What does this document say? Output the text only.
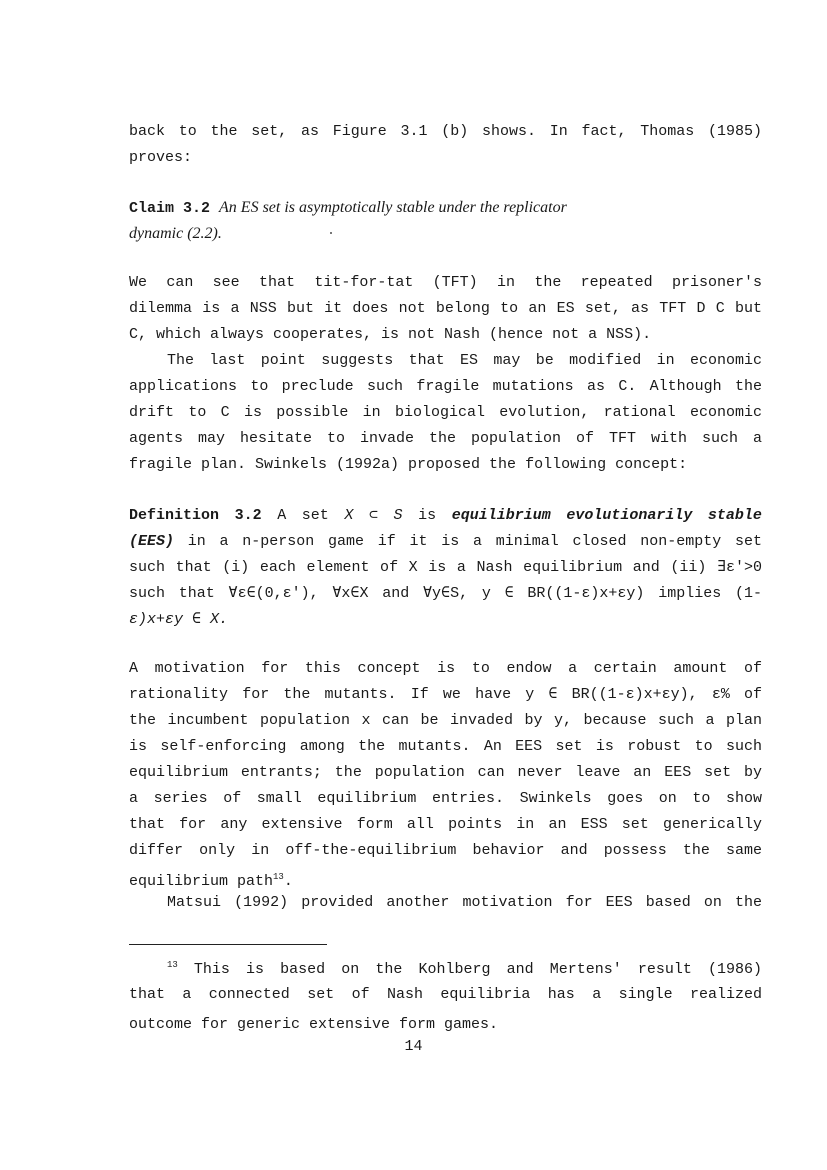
back to the set, as Figure 3.1 (b) shows. In fact, Thomas (1985)
proves:
Claim 3.2 An ES set is asymptotically stable under the replicator
dynamic (2.2).
We can see that tit-for-tat (TFT) in the repeated prisoner's
dilemma is a NSS but it does not belong to an ES set, as TFT D C but
C, which always cooperates, is not Nash (hence not a NSS).
The last point suggests that ES may be modified in economic
applications to preclude such fragile mutations as C. Although the
drift to C is possible in biological evolution, rational economic
agents may hesitate to invade the population of TFT with such a
fragile plan. Swinkels (1992a) proposed the following concept:
Definition 3.2 A set X ⊂ S is equilibrium evolutionarily stable
(EES) in a n-person game if it is a minimal closed non-empty set
such that (i) each element of X is a Nash equilibrium and (ii) ∃ε'>0
such that ∀ε∈(0,ε'), ∀x∈X and ∀y∈S, y ∈ BR((1-ε)x+εy) implies (1-
ε)x+εy ∈ X.
A motivation for this concept is to endow a certain amount of
rationality for the mutants. If we have y ∈ BR((1-ε)x+εy), ε% of
the incumbent population x can be invaded by y, because such a plan
is self-enforcing among the mutants. An EES set is robust to such
equilibrium entrants; the population can never leave an EES set by
a series of small equilibrium entries. Swinkels goes on to show
that for any extensive form all points in an ESS set generically
differ only in off-the-equilibrium behavior and possess the same
equilibrium path$^{13}$.
Matsui (1992) provided another motivation for EES based on the
$^{13}$ This is based on the Kohlberg and Mertens' result (1986)
that a connected set of Nash equilibria has a single realized
outcome for generic extensive form games.
14
